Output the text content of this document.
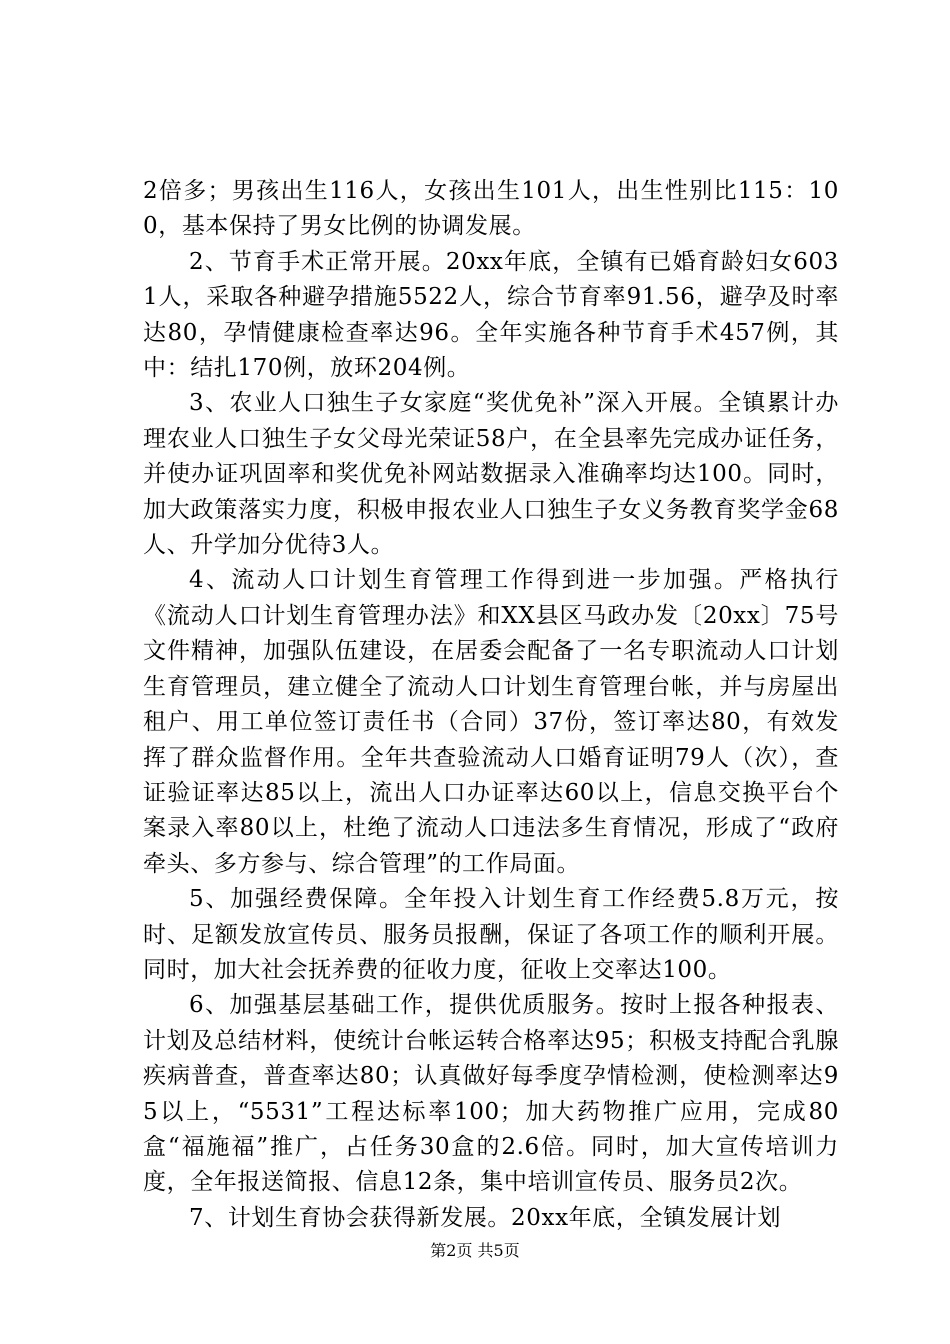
2倍多；男孩出生116人，女孩出生101人，出生性别比115：100，基本保持了男女比例的协调发展。

2、节育手术正常开展。20xx年底，全镇有已婚育龄妇女6031人，采取各种避孕措施5522人，综合节育率91.56，避孕及时率达80，孕情健康检查率达96。全年实施各种节育手术457例，其中：结扎170例，放环204例。

3、农业人口独生子女家庭“奖优免补”深入开展。全镇累计办理农业人口独生子女父母光荣证58户，在全县率先完成办证任务，并使办证巩固率和奖优免补网站数据录入准确率均达100。同时，加大政策落实力度，积极申报农业人口独生子女义务教育奖学金68人、升学加分优待3人。

4、流动人口计划生育管理工作得到进一步加强。严格执行《流动人口计划生育管理办法》和XX县区马政办发〔20xx〕75号文件精神，加强队伍建设，在居委会配备了一名专职流动人口计划生育管理员，建立健全了流动人口计划生育管理台帐，并与房屋出租户、用工单位签订责任书（合同）37份，签订率达80，有效发挥了群众监督作用。全年共查验流动人口婚育证明79人（次），查证验证率达85以上，流出人口办证率达60以上，信息交换平台个案录入率80以上，杜绝了流动人口违法多生育情况，形成了“政府牵头、多方参与、综合管理”的工作局面。

5、加强经费保障。全年投入计划生育工作经费5.8万元，按时、足额发放宣传员、服务员报酬，保证了各项工作的顺利开展。同时，加大社会抚养费的征收力度，征收上交率达100。

6、加强基层基础工作，提供优质服务。按时上报各种报表、计划及总结材料，使统计台帐运转合格率达95；积极支持配合乳腺疾病普查，普查率达80；认真做好每季度孕情检测，使检测率达95以上，“5531”工程达标率100；加大药物推广应用，完成80盒“福施福”推广，占任务30盒的2.6倍。同时，加大宣传培训力度，全年报送简报、信息12条，集中培训宣传员、服务员2次。

7、计划生育协会获得新发展。20xx年底，全镇发展计划

第2页 共5页
